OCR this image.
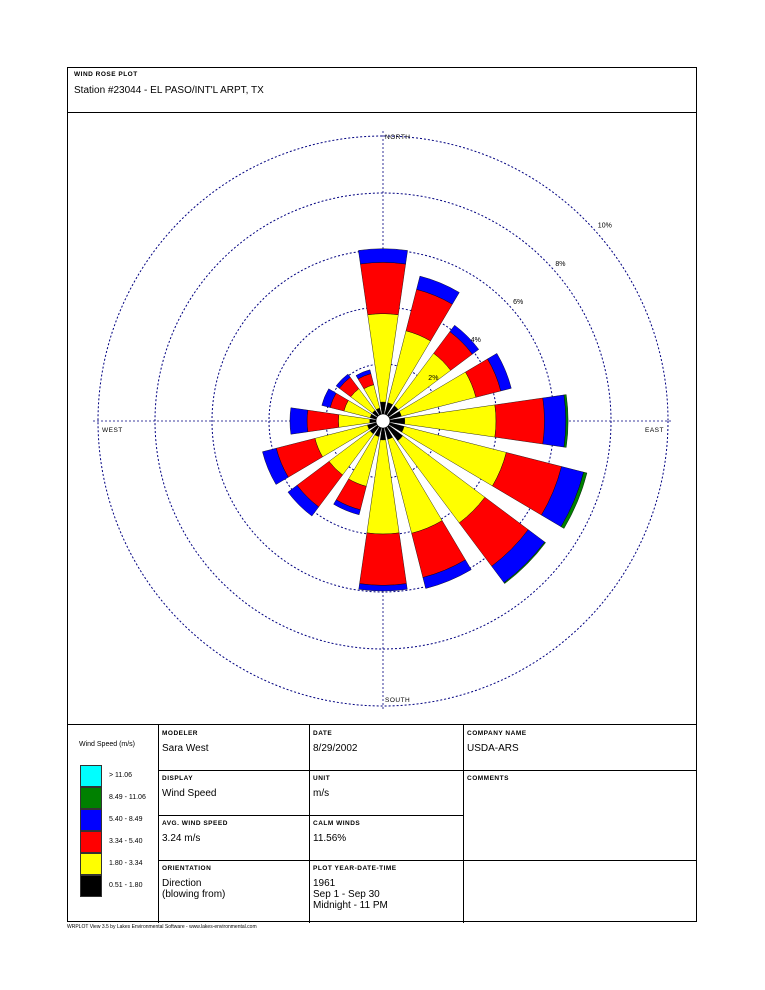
WIND ROSE PLOT
Station #23044 - EL PASO/INT'L ARPT, TX
2%
4%
6%
8%
10%
NORTH
SOUTH
EAST
WEST
Wind Speed (m/s)
> 11.06
8.49 - 11.06
5.40 - 8.49
3.34 - 5.40
1.80 - 3.34
0.51 - 1.80
MODELER
Sara West
DATE
8/29/2002
COMPANY NAME
USDA-ARS
DISPLAY
Wind Speed
UNIT
m/s
COMMENTS
AVG. WIND SPEED
3.24 m/s
CALM WINDS
11.56%
ORIENTATION
Direction
(blowing from)
PLOT YEAR-DATE-TIME
1961
Sep 1 - Sep 30
Midnight - 11 PM
WRPLOT View 3.5 by Lakes Environmental Software - www.lakes-environmental.com
